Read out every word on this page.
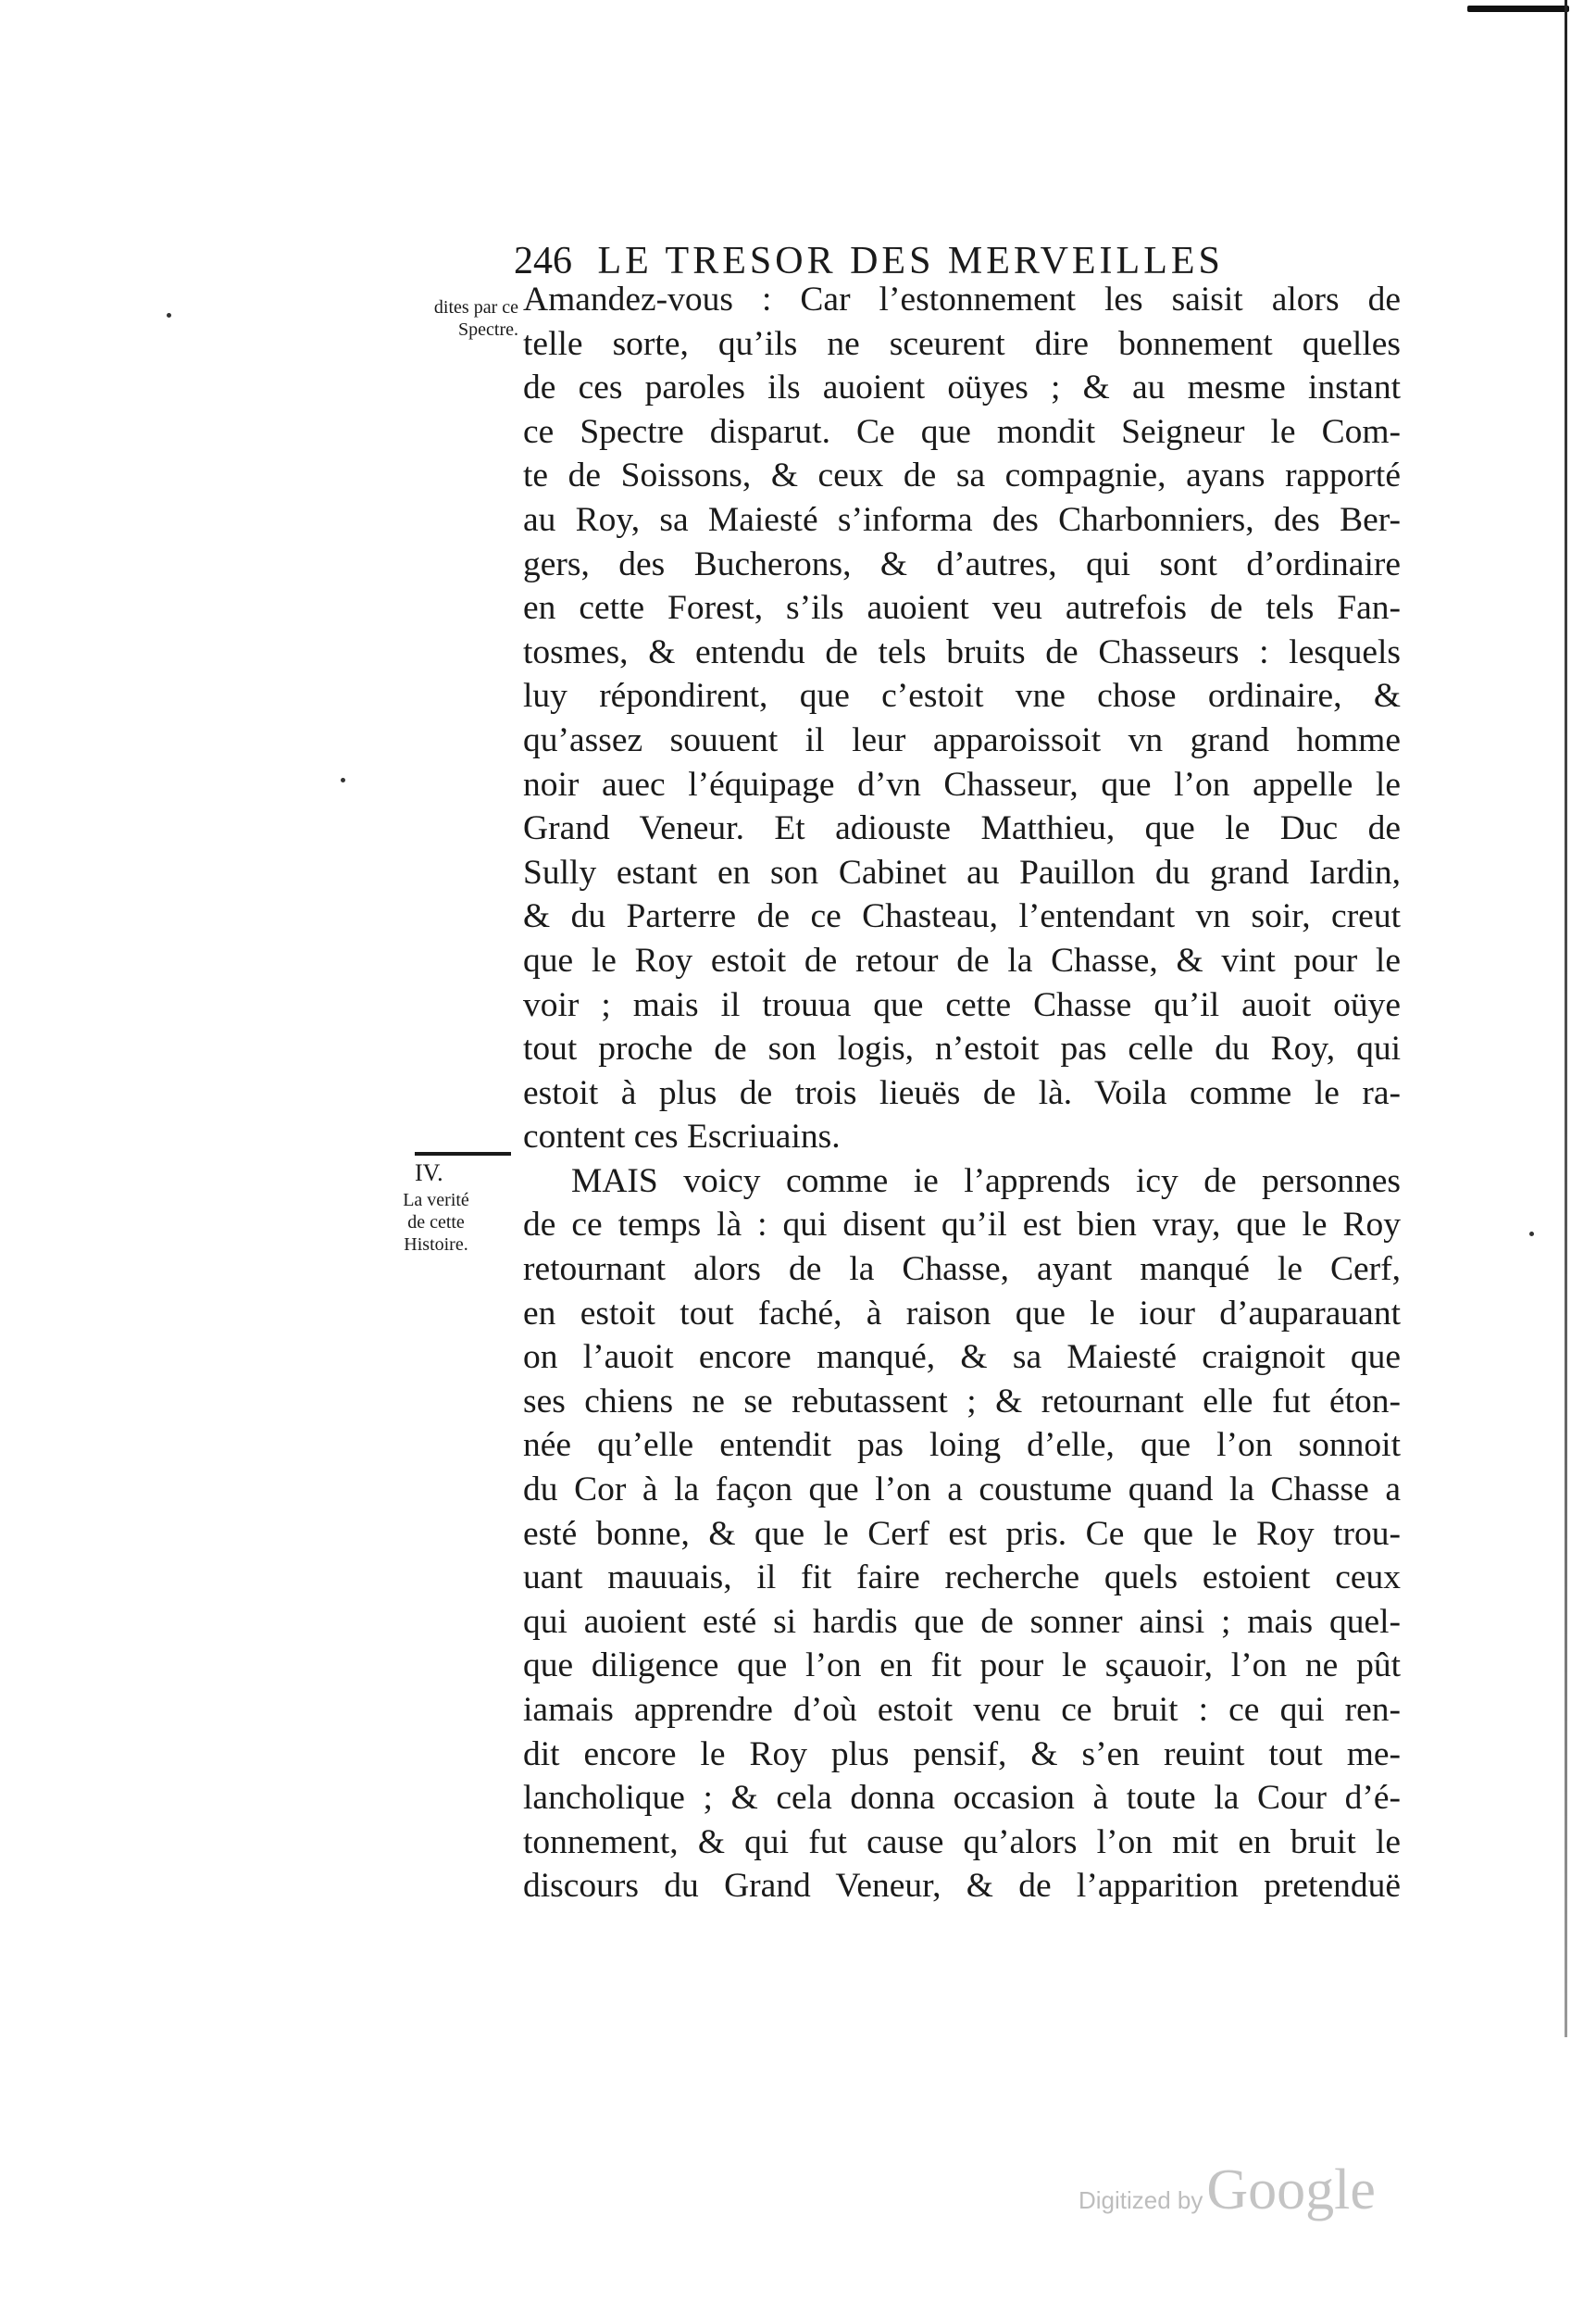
246 LE TRESOR DES MERVEILLES
dites par ce
Spectre.
IV.
La verité
de cette
Histoire.
Amandez-vous : Car l’estonnement les saisit alors de
telle sorte, qu’ils ne sceurent dire bonnement quelles
de ces paroles ils auoient oüyes ; & au mesme instant
ce Spectre disparut. Ce que mondit Seigneur le Com-
te de Soissons, & ceux de sa compagnie, ayans rapporté
au Roy, sa Maiesté s’informa des Charbonniers, des Ber-
gers, des Bucherons, & d’autres, qui sont d’ordinaire
en cette Forest, s’ils auoient veu autrefois de tels Fan-
tosmes, & entendu de tels bruits de Chasseurs : lesquels
luy répondirent, que c’estoit vne chose ordinaire, &
qu’assez souuent il leur apparoissoit vn grand homme
noir auec l’équipage d’vn Chasseur, que l’on appelle le
Grand Veneur. Et adiouste Matthieu, que le Duc de
Sully estant en son Cabinet au Pauillon du grand Iardin,
& du Parterre de ce Chasteau, l’entendant vn soir, creut
que le Roy estoit de retour de la Chasse, & vint pour le
voir ; mais il trouua que cette Chasse qu’il auoit oüye
tout proche de son logis, n’estoit pas celle du Roy, qui
estoit à plus de trois lieuës de là. Voila comme le ra-
content ces Escriuains.
MAIS voicy comme ie l’apprends icy de personnes
de ce temps là : qui disent qu’il est bien vray, que le Roy
retournant alors de la Chasse, ayant manqué le Cerf,
en estoit tout faché, à raison que le iour d’auparauant
on l’auoit encore manqué, & sa Maiesté craignoit que
ses chiens ne se rebutassent ; & retournant elle fut éton-
née qu’elle entendit pas loing d’elle, que l’on sonnoit
du Cor à la façon que l’on a coustume quand la Chasse a
esté bonne, & que le Cerf est pris. Ce que le Roy trou-
uant mauuais, il fit faire recherche quels estoient ceux
qui auoient esté si hardis que de sonner ainsi ; mais quel-
que diligence que l’on en fit pour le sçauoir, l’on ne pût
iamais apprendre d’où estoit venu ce bruit : ce qui ren-
dit encore le Roy plus pensif, & s’en reuint tout me-
lancholique ; & cela donna occasion à toute la Cour d’é-
tonnement, & qui fut cause qu’alors l’on mit en bruit le
discours du Grand Veneur, & de l’apparition pretenduë
Digitized by Google
